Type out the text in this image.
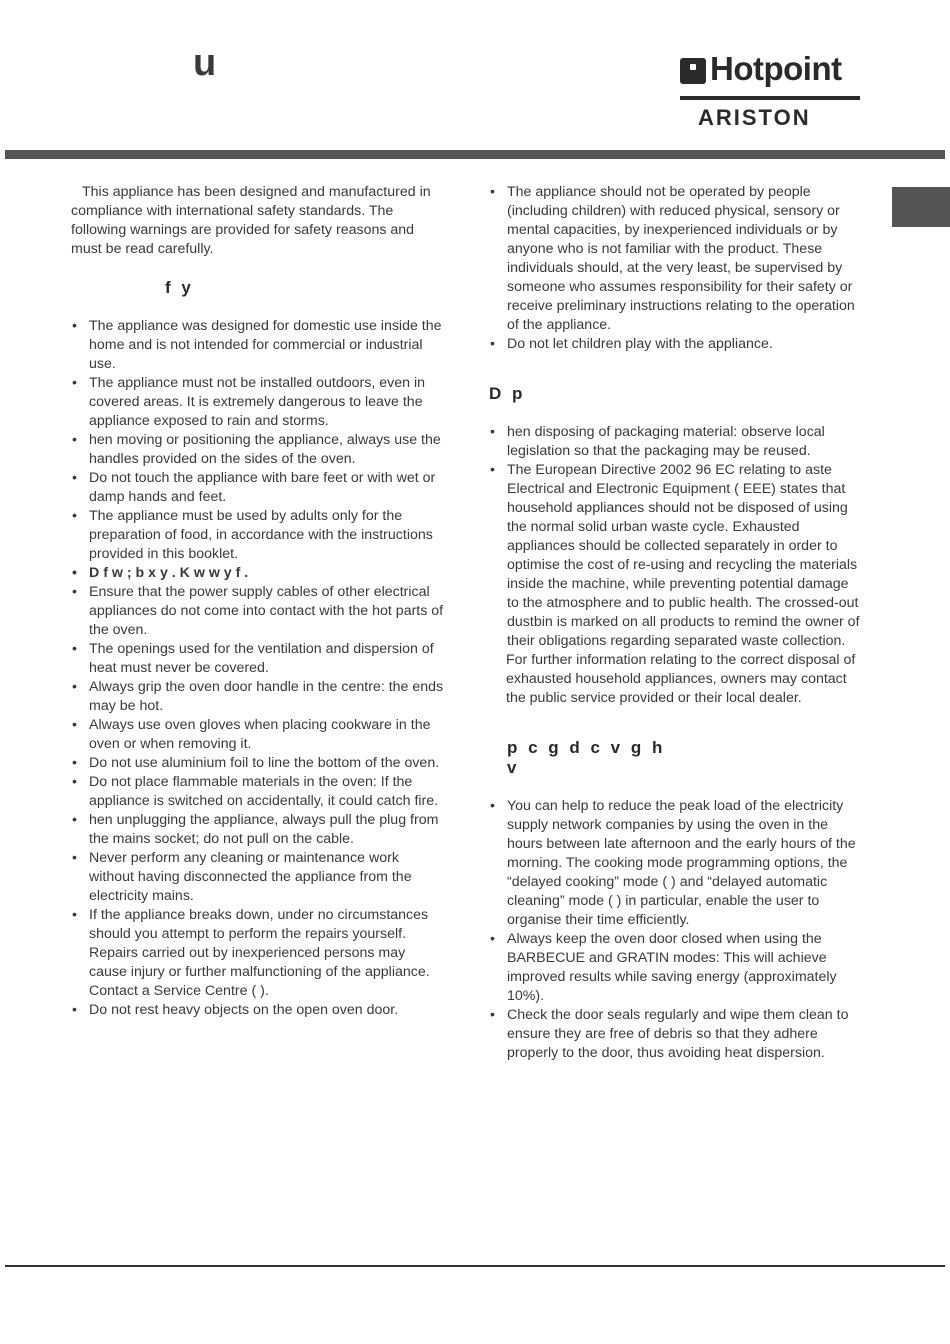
u	Hotpoint
ARISTON

This appliance has been designed and manufactured in compliance with international safety standards. The following warnings are provided for safety reasons and must be read carefully.

f y

• The appliance was designed for domestic use inside the home and is not intended for commercial or industrial use.
• The appliance must not be installed outdoors, even in covered areas. It is extremely dangerous to leave the appliance exposed to rain and storms.
• hen moving or positioning the appliance, always use the handles provided on the sides of the oven.
• Do not touch the appliance with bare feet or with wet or damp hands and feet.
• The appliance must be used by adults only for the preparation of food, in accordance with the instructions provided in this booklet.
• D f w ; b x y . K w w y f .
• Ensure that the power supply cables of other electrical appliances do not come into contact with the hot parts of the oven.
• The openings used for the ventilation and dispersion of heat must never be covered.
• Always grip the oven door handle in the centre: the ends may be hot.
• Always use oven gloves when placing cookware in the oven or when removing it.
• Do not use aluminium foil to line the bottom of the oven.
• Do not place flammable materials in the oven: If the appliance is switched on accidentally, it could catch fire.
• hen unplugging the appliance, always pull the plug from the mains socket; do not pull on the cable.
• Never perform any cleaning or maintenance work without having disconnected the appliance from the electricity mains.
• If the appliance breaks down, under no circumstances should you attempt to perform the repairs yourself. Repairs carried out by inexperienced persons may cause injury or further malfunctioning of the appliance. Contact a Service Centre ( ).
• Do not rest heavy objects on the open oven door.
• The appliance should not be operated by people (including children) with reduced physical, sensory or mental capacities, by inexperienced individuals or by anyone who is not familiar with the product. These individuals should, at the very least, be supervised by someone who assumes responsibility for their safety or receive preliminary instructions relating to the operation of the appliance.
• Do not let children play with the appliance.

D p

• hen disposing of packaging material: observe local legislation so that the packaging may be reused.
• The European Directive 2002 96 EC relating to aste Electrical and Electronic Equipment ( EEE) states that household appliances should not be disposed of using the normal solid urban waste cycle. Exhausted appliances should be collected separately in order to optimise the cost of re-using and recycling the materials inside the machine, while preventing potential damage to the atmosphere and to public health. The crossed-out dustbin is marked on all products to remind the owner of their obligations regarding separated waste collection.

For further information relating to the correct disposal of exhausted household appliances, owners may contact the public service provided or their local dealer.

p c g d c v g h

v

• You can help to reduce the peak load of the electricity supply network companies by using the oven in the hours between late afternoon and the early hours of the morning. The cooking mode programming options, the “delayed cooking” mode ( ) and “delayed automatic cleaning” mode ( ) in particular, enable the user to organise their time efficiently.
• Always keep the oven door closed when using the BARBECUE and GRATIN modes: This will achieve improved results while saving energy (approximately 10%).
• Check the door seals regularly and wipe them clean to ensure they are free of debris so that they adhere properly to the door, thus avoiding heat dispersion.
